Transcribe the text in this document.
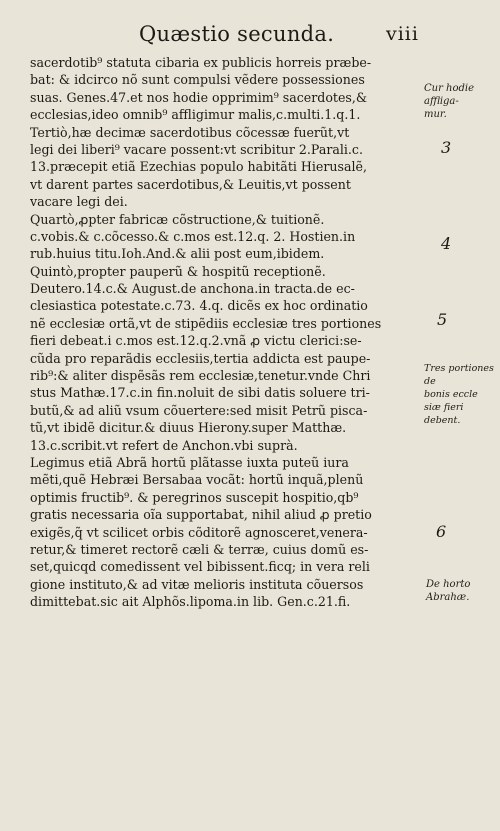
Quæstio secunda.	viii
sacerdotib⁹ statuta cibaria ex publicis horreis præbe-
bat: & idcirco nõ sunt compulsi vẽdere possessiones
suas. Genes.47.et nos hodie opprimim⁹ sacerdotes,&
ecclesias,ideo omnib⁹ affligimur malis,c.multi.1.q.1.
Tertiò,hæ decimæ sacerdotibus cõcessæ fuerũt,vt
legi dei liberi⁹ vacare possent:vt scribitur 2.Parali.c.
13.præcepit etiã Ezechias populo habitãti Hierusalẽ,
vt darent partes sacerdotibus,& Leuitis,vt possent
vacare legi dei.
Quartò,ꝓpter fabricæ cõstructione,& tuitionẽ.
c.vobis.& c.cõcesso.& c.mos est.12.q. 2. Hostien.in
rub.huius titu.Ioh.And.& alii post eum,ibidem.
Quintò,propter pauperũ & hospitũ receptionẽ.
Deutero.14.c.& August.de anchona.in tracta.de ec-
clesiastica potestate.c.73. 4.q. dicẽs ex hoc ordinatio
nẽ ecclesiæ ortã,vt de stipẽdiis ecclesiæ tres portiones
fieri debeat.i c.mos est.12.q.2.vnã ꝓ victu clerici:se-
cũda pro reparãdis ecclesiis,tertia addicta est paupe-
rib⁹:& aliter dispẽsãs rem ecclesiæ,tenetur.vnde Chri
stus Mathæ.17.c.in fin.noluit de sibi datis soluere tri-
butũ,& ad aliũ vsum cõuertere:sed misit Petrũ pisca-
tũ,vt ibidẽ dicitur.& diuus Hierony.super Matthæ.
13.c.scribit.vt refert de Anchon.vbi suprà.
Legimus etiã Abrã hortũ plãtasse iuxta puteũ iura
mẽti,quẽ Hebræi Bersabaa vocãt: hortũ inquã,plenũ
optimis fructib⁹. & peregrinos suscepit hospitio,qb⁹
gratis necessaria oĩa supportabat, nihil aliud ꝓ pretio
exigẽs,q̃ vt scilicet orbis cõditorẽ agnosceret,venera-
retur,& timeret rectorẽ cæli & terræ, cuius domũ es-
set,quicqd comedissent vel bibissent.ficq; in vera reli
gione instituto,& ad vitæ melioris instituta cõuersos
dimittebat.sic ait Alphõs.lipoma.in lib. Gen.c.21.fi.
Cur hodie
affliga-
mur.
3
4
5
Tres portiones de
bonis eccle
siæ fieri
debent.
6
De horto
Abrahæ.
